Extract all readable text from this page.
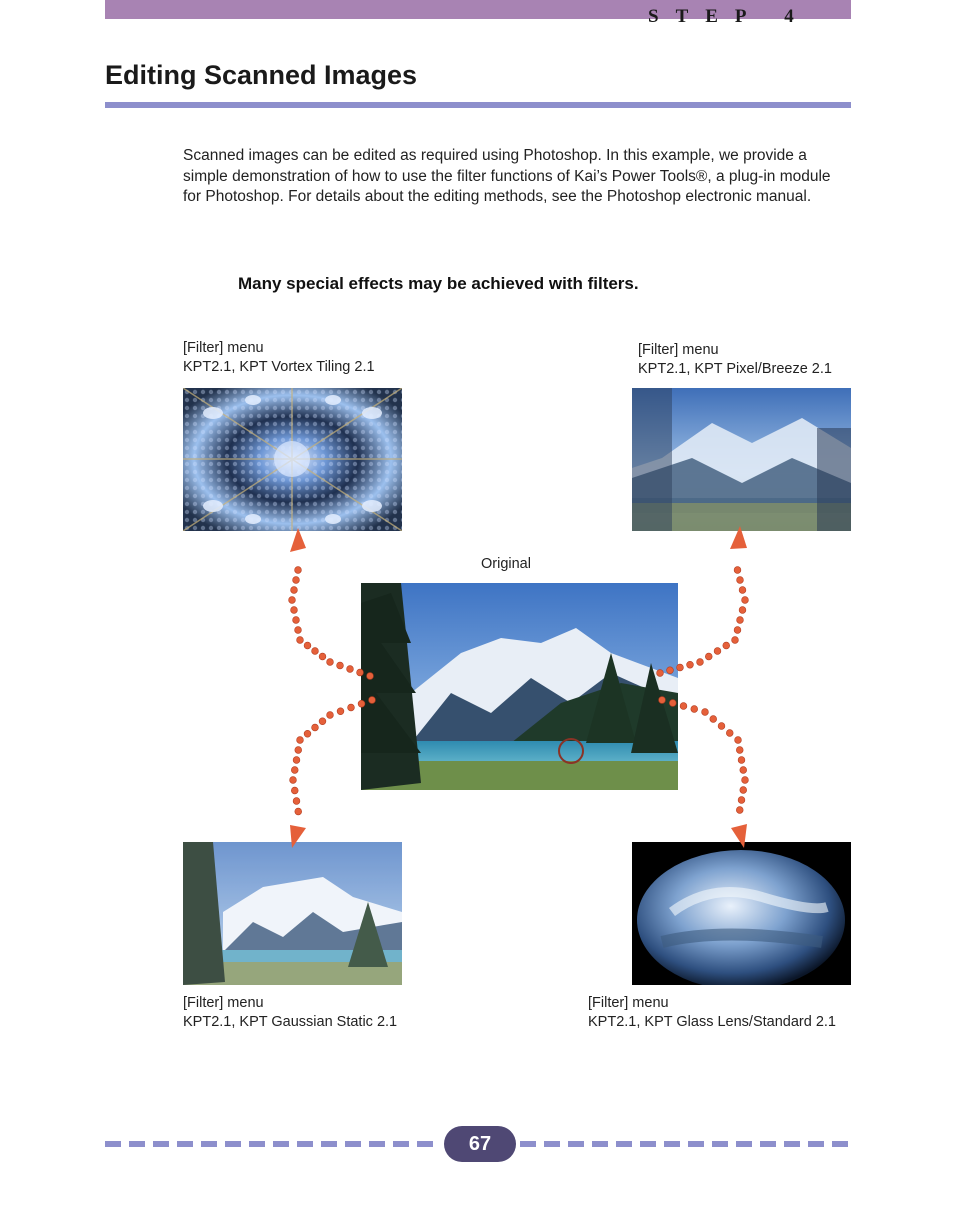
STEP 4
Editing Scanned Images

Scanned images can be edited as required using Photoshop. In this example, we provide a simple demonstration of how to use the filter functions of Kai’s Power Tools®, a plug-in module for Photoshop. For details about the editing methods, see the Photoshop electronic manual.

Many special effects may be achieved with filters.
[Filter] menu
KPT2.1, KPT Vortex Tiling 2.1
[Filter] menu
KPT2.1, KPT Pixel/Breeze 2.1
Original
[Filter] menu
KPT2.1, KPT Gaussian Static 2.1
[Filter] menu
KPT2.1, KPT Glass Lens/Standard 2.1
67
